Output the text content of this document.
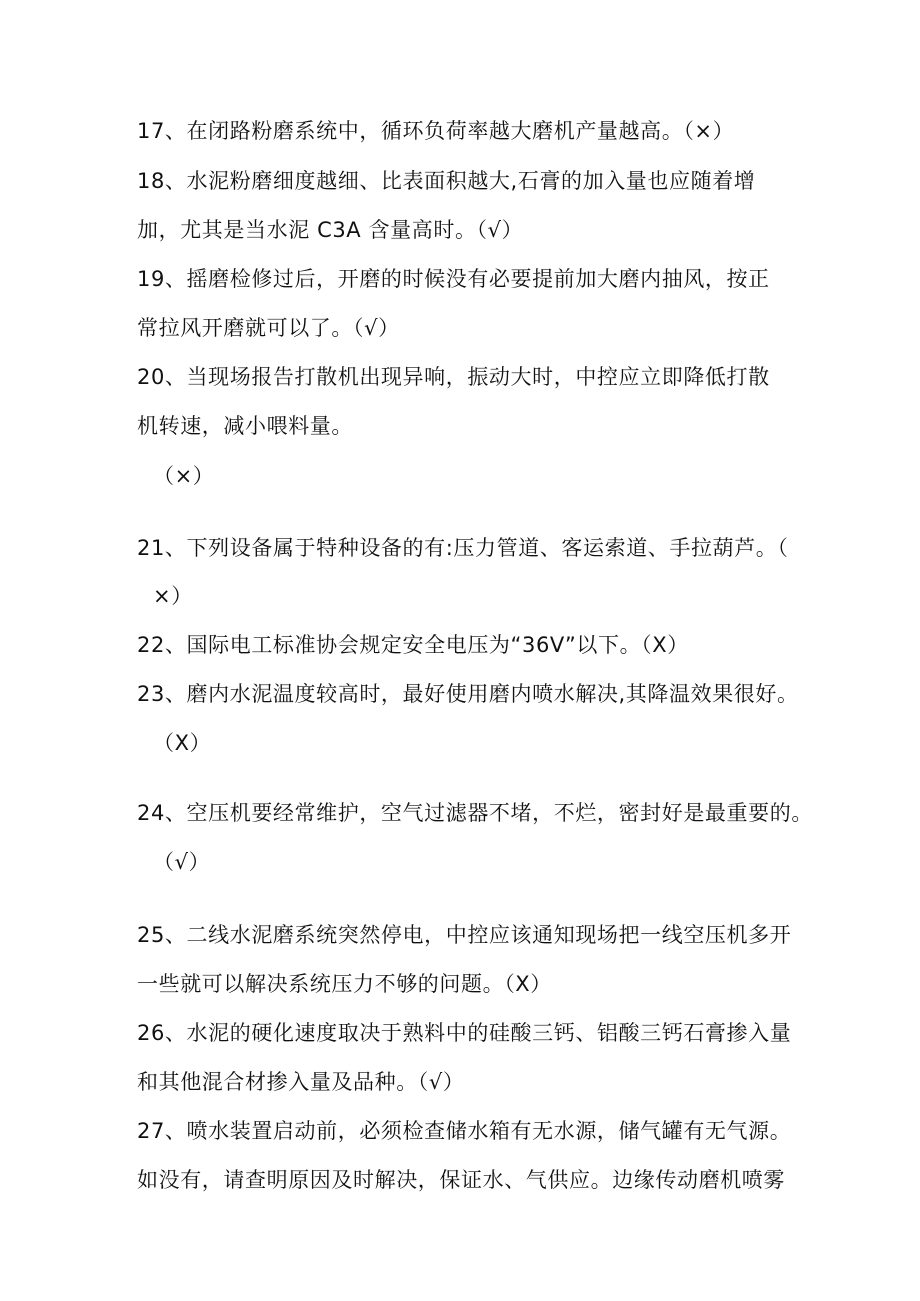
17、在闭路粉磨系统中，循环负荷率越大磨机产量越高。（×）
18、水泥粉磨细度越细、比表面积越大,石膏的加入量也应随着增
加，尤其是当水泥 C3A 含量高时。（√）
19、摇磨检修过后，开磨的时候没有必要提前加大磨内抽风，按正
常拉风开磨就可以了。（√）
20、当现场报告打散机出现异响，振动大时，中控应立即降低打散
机转速，减小喂料量。
（×）
21、下列设备属于特种设备的有:压力管道、客运索道、手拉葫芦。（
×）
22、国际电工标准协会规定安全电压为“36V”以下。（X）
23、磨内水泥温度较高时，最好使用磨内喷水解决,其降温效果很好。
（X）
24、空压机要经常维护，空气过滤器不堵，不烂，密封好是最重要的。
（√）
25、二线水泥磨系统突然停电，中控应该通知现场把一线空压机多开
一些就可以解决系统压力不够的问题。（X）
26、水泥的硬化速度取决于熟料中的硅酸三钙、铝酸三钙石膏掺入量
和其他混合材掺入量及品种。（√）
27、喷水装置启动前，必须检查储水箱有无水源，储气罐有无气源。
如没有，请查明原因及时解决，保证水、气供应。边缘传动磨机喷雾
